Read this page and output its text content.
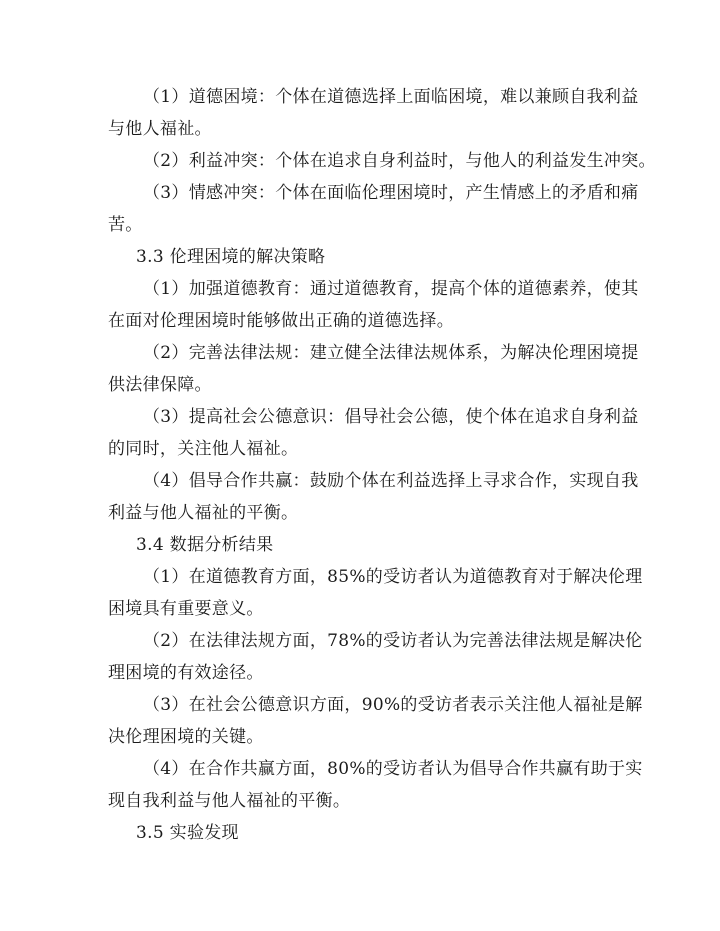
（1）道德困境：个体在道德选择上面临困境，难以兼顾自我利益
与他人福祉。
（2）利益冲突：个体在追求自身利益时，与他人的利益发生冲突。
（3）情感冲突：个体在面临伦理困境时，产生情感上的矛盾和痛
苦。
3.3 伦理困境的解决策略
（1）加强道德教育：通过道德教育，提高个体的道德素养，使其
在面对伦理困境时能够做出正确的道德选择。
（2）完善法律法规：建立健全法律法规体系，为解决伦理困境提
供法律保障。
（3）提高社会公德意识：倡导社会公德，使个体在追求自身利益
的同时，关注他人福祉。
（4）倡导合作共赢：鼓励个体在利益选择上寻求合作，实现自我
利益与他人福祉的平衡。
3.4 数据分析结果
（1）在道德教育方面，85%的受访者认为道德教育对于解决伦理
困境具有重要意义。
（2）在法律法规方面，78%的受访者认为完善法律法规是解决伦
理困境的有效途径。
（3）在社会公德意识方面，90%的受访者表示关注他人福祉是解
决伦理困境的关键。
（4）在合作共赢方面，80%的受访者认为倡导合作共赢有助于实
现自我利益与他人福祉的平衡。
3.5 实验发现
